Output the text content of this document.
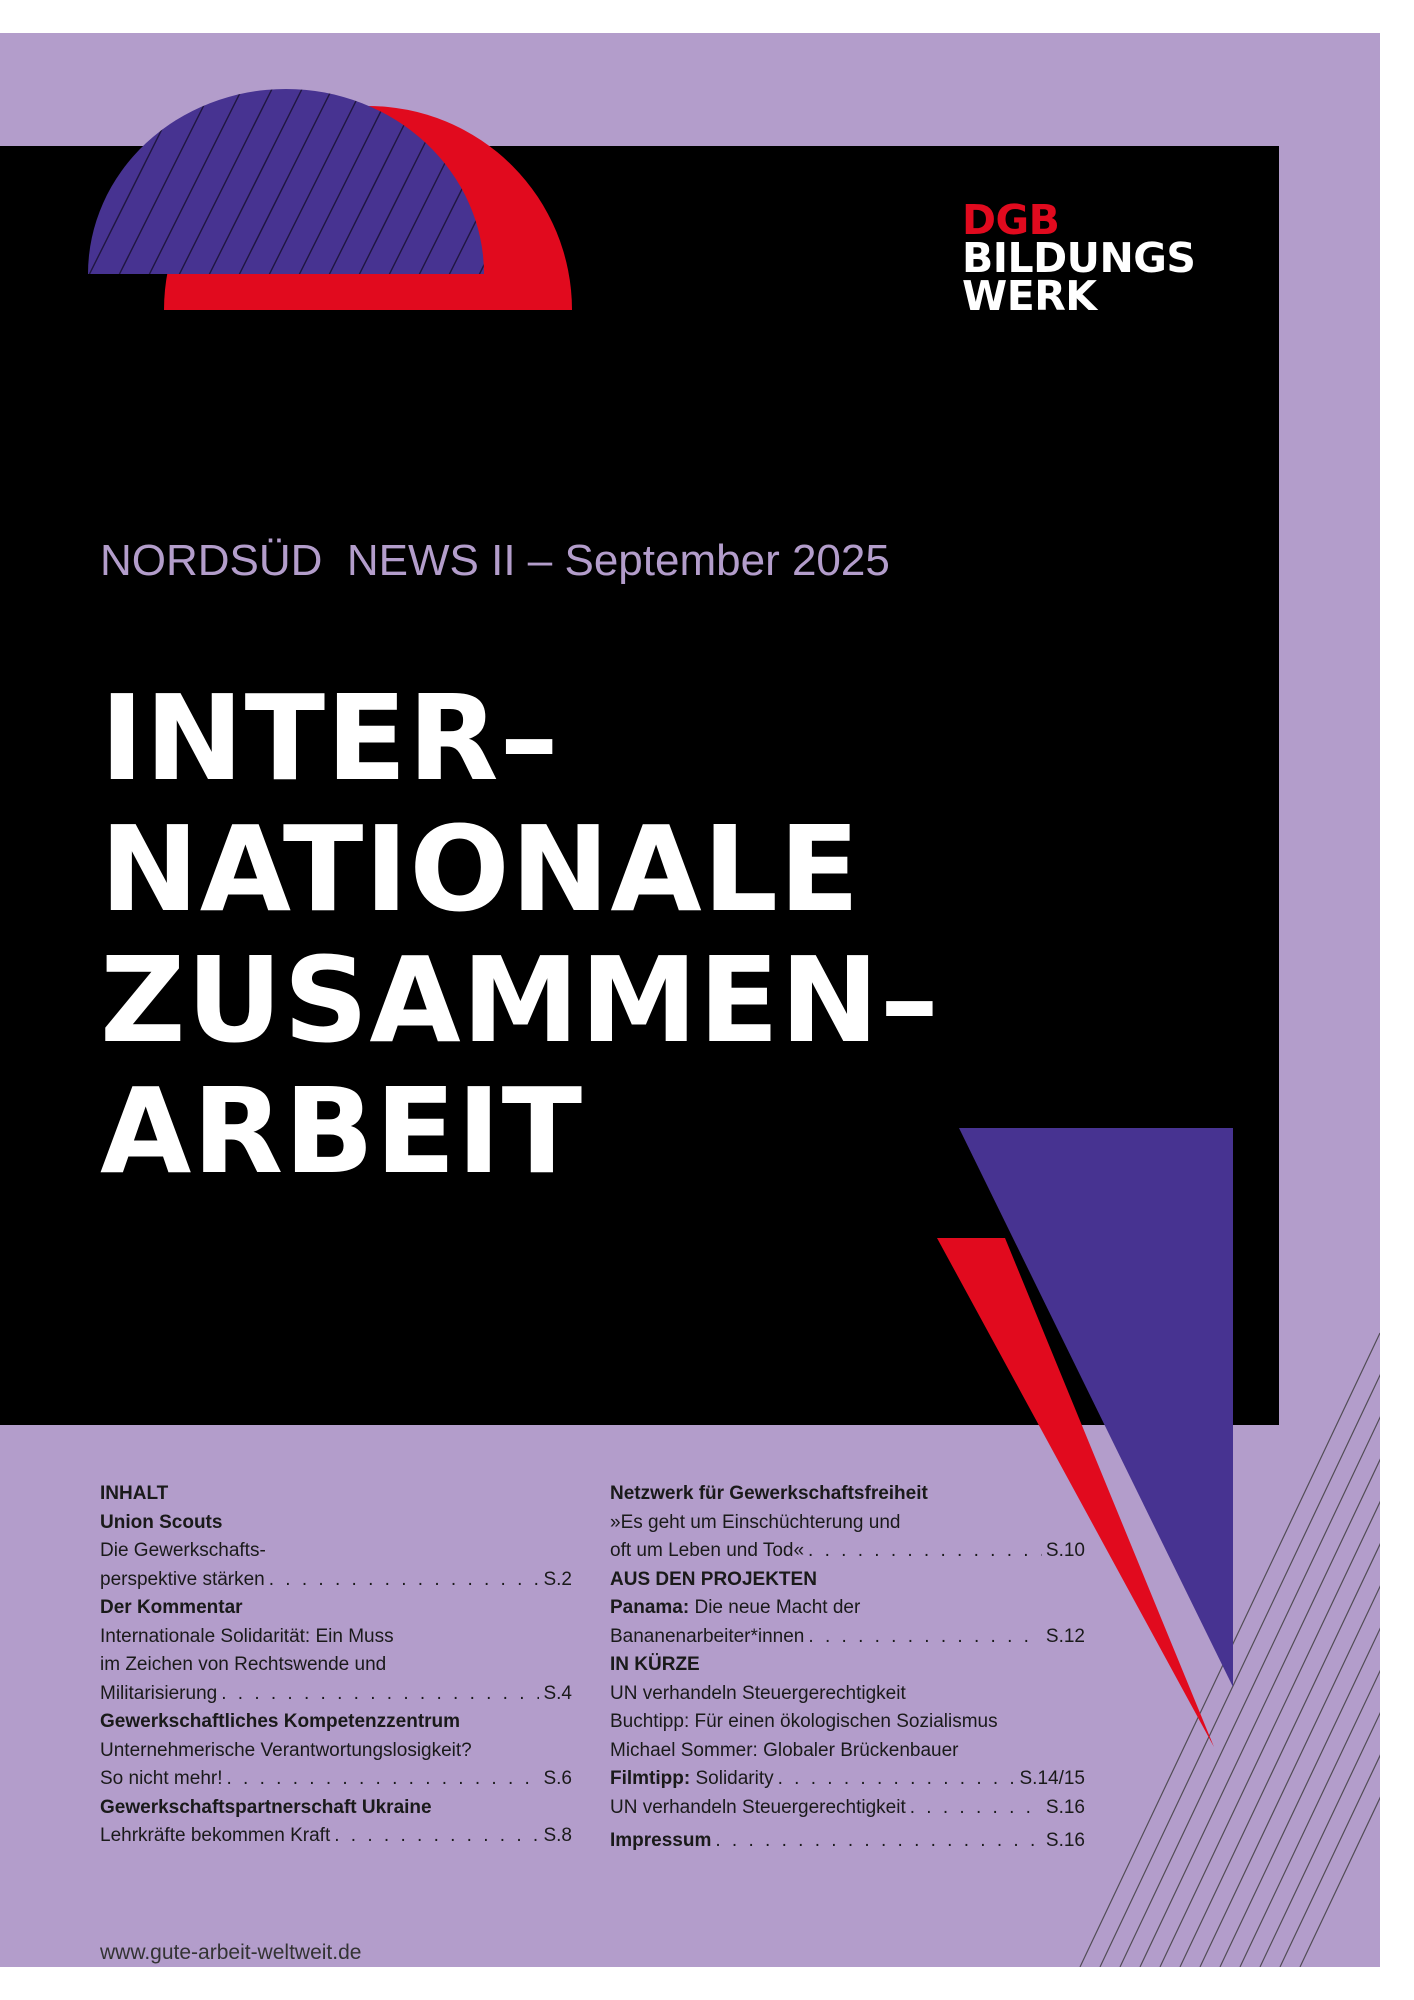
DGB
BILDUNGS
WERK
NORDSÜD  NEWS II – September 2025
INTER–
NATIONALE
ZUSAMMEN–
ARBEIT
INHALT
Union Scouts
Die Gewerkschafts-
perspektive stärken . . .	S.2
Der Kommentar
Internationale Solidarität: Ein Muss
im Zeichen von Rechtswende und
Militarisierung . . .	S.4
Gewerkschaftliches Kompetenzzentrum
Unternehmerische Verantwortungslosigkeit?
So nicht mehr! . . .	S.6
Gewerkschaftspartnerschaft Ukraine
Lehrkräfte bekommen Kraft . . .	S.8
Netzwerk für Gewerkschaftsfreiheit
»Es geht um Einschüchterung und
oft um Leben und Tod« . . .	S.10
AUS DEN PROJEKTEN
Panama: Die neue Macht der
Bananenarbeiter*innen . . .	S.12
IN KÜRZE
UN verhandeln Steuergerechtigkeit
Buchtipp: Für einen ökologischen Sozialismus
Michael Sommer: Globaler Brückenbauer
Filmtipp: Solidarity . . .	S.14/15
UN verhandeln Steuergerechtigkeit . . .	S.16
Impressum . . .	S.16
www.gute-arbeit-weltweit.de
